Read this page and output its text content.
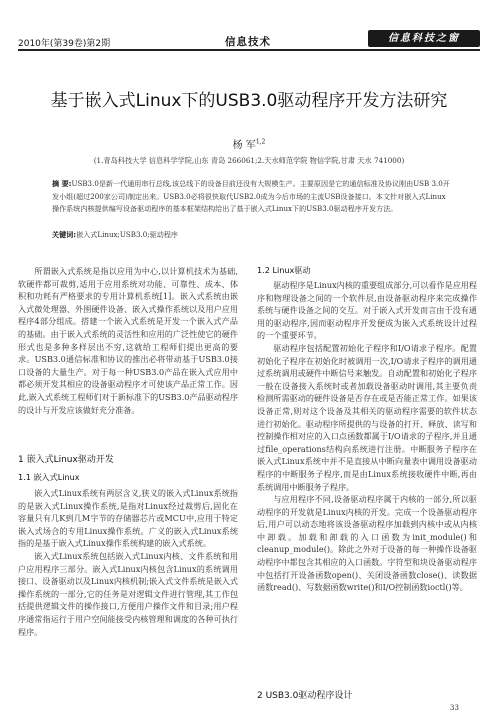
2010年(第39卷)第2期	信息技术	信息科技之窗
基于嵌入式Linux下的USB3.0驱动程序开发方法研究
杨 军$^{1,2}$
(1.青岛科技大学 信息科学学院,山东 青岛 266061;2.天水师范学院 物信学院,甘肃 天水 741000)
摘 要:USB3.0是新一代通用串行总线,该总线下的设备目前还没有大规模生产。主要原因是它的通信标准及协议刚由USB 3.0开发小组(超过200家公司)制定出来。USB3.0必将很快取代USB2.0成为今后市场的主流USB设备接口。本文针对嵌入式Linux操作系统内核提供编写设备驱动程序的基本框架结构给出了基于嵌入式Linux下的USB3.0驱动程序开发方法。
关键词:嵌入式Linux;USB3.0;驱动程序

所谓嵌入式系统是指以应用为中心,以计算机技术为基础,软硬件都可裁剪,适用于应用系统对功能、可靠性、成本、体积和功耗有严格要求的专用计算机系统[1]。嵌入式系统由嵌入式微处理器、外围硬件设备、嵌入式操作系统以及用户应用程序4部分组成。搭建一个嵌入式系统是开发一个嵌入式产品的基础。由于嵌入式系统的灵活性和应用的广泛性使它的硬件形式也是多种多样层出不穷,这就给工程师们提出更高的要求。USB3.0通信标准和协议的推出必将带动基于USB3.0接口设备的大量生产。对于每一种USB3.0产品在嵌入式应用中都必须开发其相应的设备驱动程序才可使该产品正常工作。因此,嵌入式系统工程师们对于新标准下的USB3.0产品驱动程序的设计与开发应该做好充分准备。

1 嵌入式Linux驱动开发
1.1 嵌入式Linux

嵌入式Linux系统有两层含义,狭义的嵌入式Linux系统指的是嵌入式Linux操作系统,是指对Linux经过裁剪后,固化在容量只有几K到几M字节的存储器芯片或MCU中,应用于特定嵌入式场合的专用Linux操作系统。广义的嵌入式Linux系统指的是基于嵌入式Linux操作系统构建的嵌入式系统。

嵌入式Linux系统包括嵌入式Linux内核、文件系统和用户应用程序三部分。嵌入式Linux内核包含Linux的系统调用接口、设备驱动以及Linux内核机制;嵌入式文件系统是嵌入式操作系统的一部分,它的任务是对逻辑文件进行管理,其工作包括提供逻辑文件的操作接口,方便用户操作文件和目录;用户程序通常指运行于用户空间能接受内核管理和调度的各种可执行程序。

1.2 Linux驱动

驱动程序是Linux内核的重要组成部分,可以看作是应用程序和物理设备之间的一个软件层,由设备驱动程序来完成操作系统与硬件设备之间的交互。对于嵌入式开发而言由于没有通用的驱动程序,因而驱动程序开发便成为嵌入式系统设计过程的一个重要环节。

驱动程序包括配置初始化子程序和I/O请求子程序。配置初始化子程序在初始化时被调用一次,I/O请求子程序的调用通过系统调用或硬件中断信号来触发。自动配置和初始化子程序一般在设备接入系统时或者加载设备驱动时调用,其主要负责检测所需驱动的硬件设备是否存在或是否能正常工作。如果该设备正常,则对这个设备及其相关的驱动程序需要的软件状态进行初始化。驱动程序所提供的与设备的打开、释放、读写和控制操作相对应的入口点函数都属于I/O请求的子程序,并且通过file_operations结构向系统进行注册。中断服务子程序在嵌入式Linux系统中并不是直接从中断向量表中调用设备驱动程序的中断服务子程序,而是由Linux系统接收硬件中断,再由系统调用中断服务子程序。

与应用程序不同,设备驱动程序属于内核的一部分,所以驱动程序的开发就是Linux内核的开发。完成一个设备驱动程序后,用户可以动态地将该设备驱动程序加载到内核中或从内核中卸载。加载和卸载的入口函数为init_module()和cleanup_module()。除此之外对于设备的每一种操作设备驱动程序中都包含其相应的入口函数。字符型和块设备驱动程序中包括打开设备函数open()、关闭设备函数close()、读数据函数read()、写数据函数write()和I/O控制函数ioctl()等。

2 USB3.0驱动程序设计
33
